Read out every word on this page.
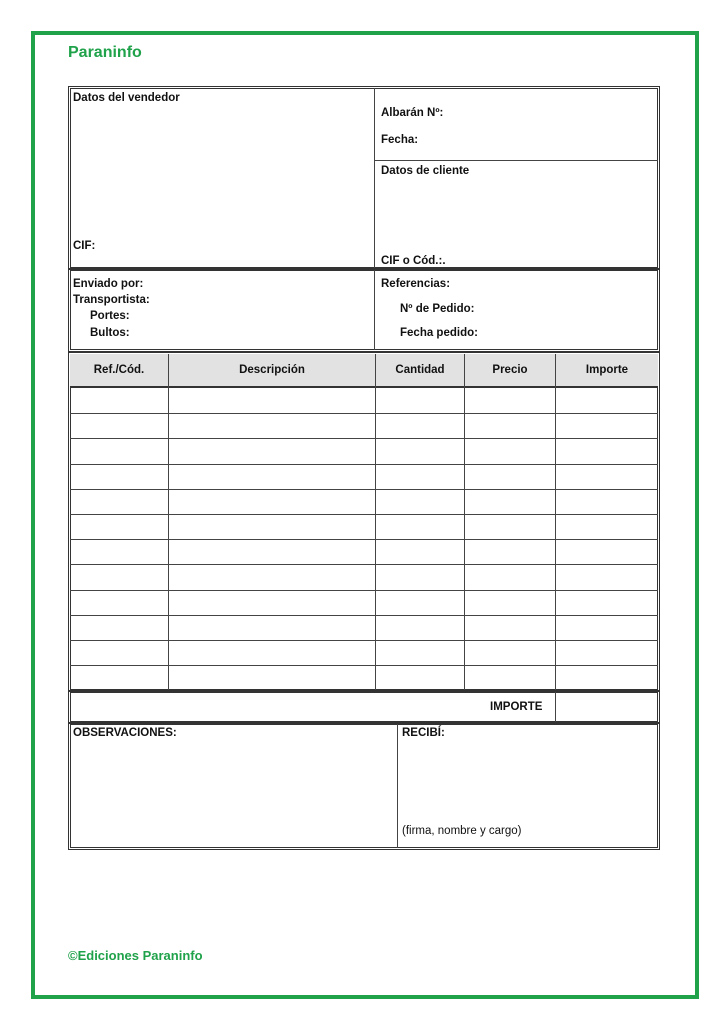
Paraninfo
Datos del vendedor
CIF:
Albarán Nº:
Fecha:
Datos de cliente
CIF o Cód.:.
Enviado por:
Transportista:
Portes:
Bultos:
Referencias:
Nº de Pedido:
Fecha pedido:
Ref./Cód.	Descripción	Cantidad	Precio	Importe
IMPORTE
OBSERVACIONES:	RECIBÍ:
(firma, nombre y cargo)
©Ediciones Paraninfo
